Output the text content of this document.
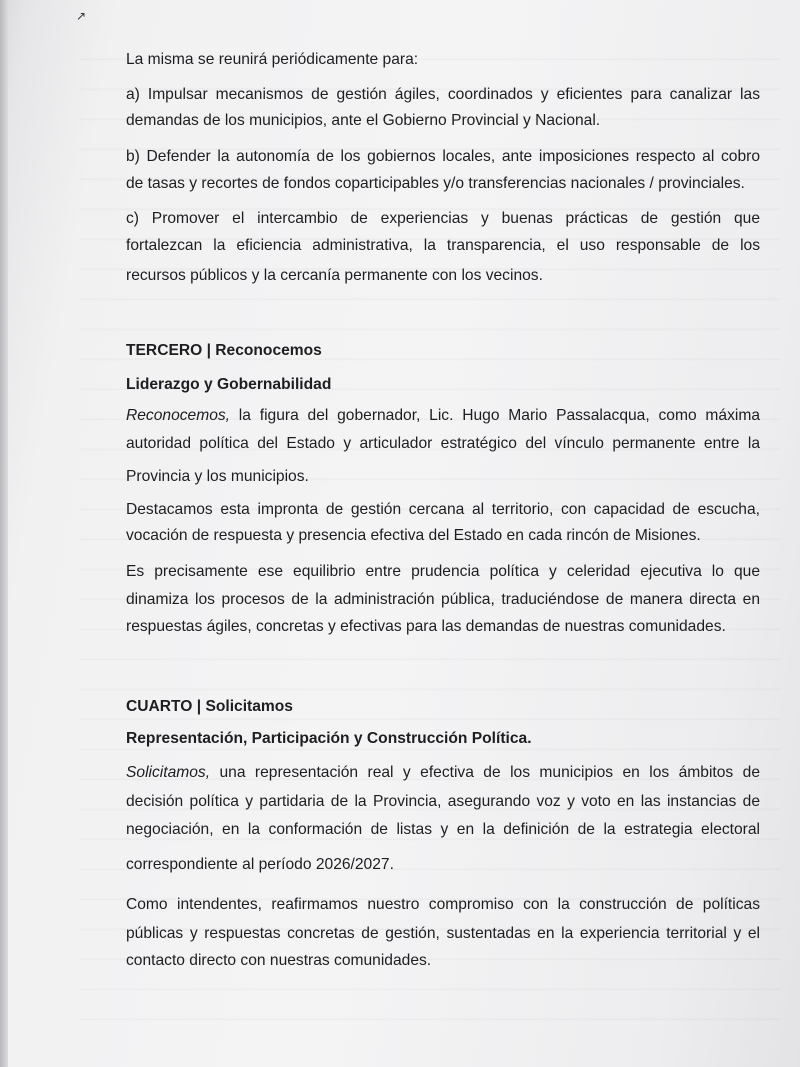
↗
La misma se reunirá periódicamente para:
a) Impulsar mecanismos de gestión ágiles, coordinados y eficientes para canalizar las
demandas de los municipios, ante el Gobierno Provincial y Nacional.
b) Defender la autonomía de los gobiernos locales, ante imposiciones respecto al cobro
de tasas y recortes de fondos coparticipables y/o transferencias nacionales / provinciales.
c) Promover el intercambio de experiencias y buenas prácticas de gestión que
fortalezcan la eficiencia administrativa, la transparencia, el uso responsable de los
recursos públicos y la cercanía permanente con los vecinos.
TERCERO | Reconocemos
Liderazgo y Gobernabilidad
Reconocemos, la figura del gobernador, Lic. Hugo Mario Passalacqua, como máxima
autoridad política del Estado y articulador estratégico del vínculo permanente entre la
Provincia y los municipios.
Destacamos esta impronta de gestión cercana al territorio, con capacidad de escucha,
vocación de respuesta y presencia efectiva del Estado en cada rincón de Misiones.
Es precisamente ese equilibrio entre prudencia política y celeridad ejecutiva lo que
dinamiza los procesos de la administración pública, traduciéndose de manera directa en
respuestas ágiles, concretas y efectivas para las demandas de nuestras comunidades.
CUARTO | Solicitamos
Representación, Participación y Construcción Política.
Solicitamos, una representación real y efectiva de los municipios en los ámbitos de
decisión política y partidaria de la Provincia, asegurando voz y voto en las instancias de
negociación, en la conformación de listas y en la definición de la estrategia electoral
correspondiente al período 2026/2027.
Como intendentes, reafirmamos nuestro compromiso con la construcción de políticas
públicas y respuestas concretas de gestión, sustentadas en la experiencia territorial y el
contacto directo con nuestras comunidades.
